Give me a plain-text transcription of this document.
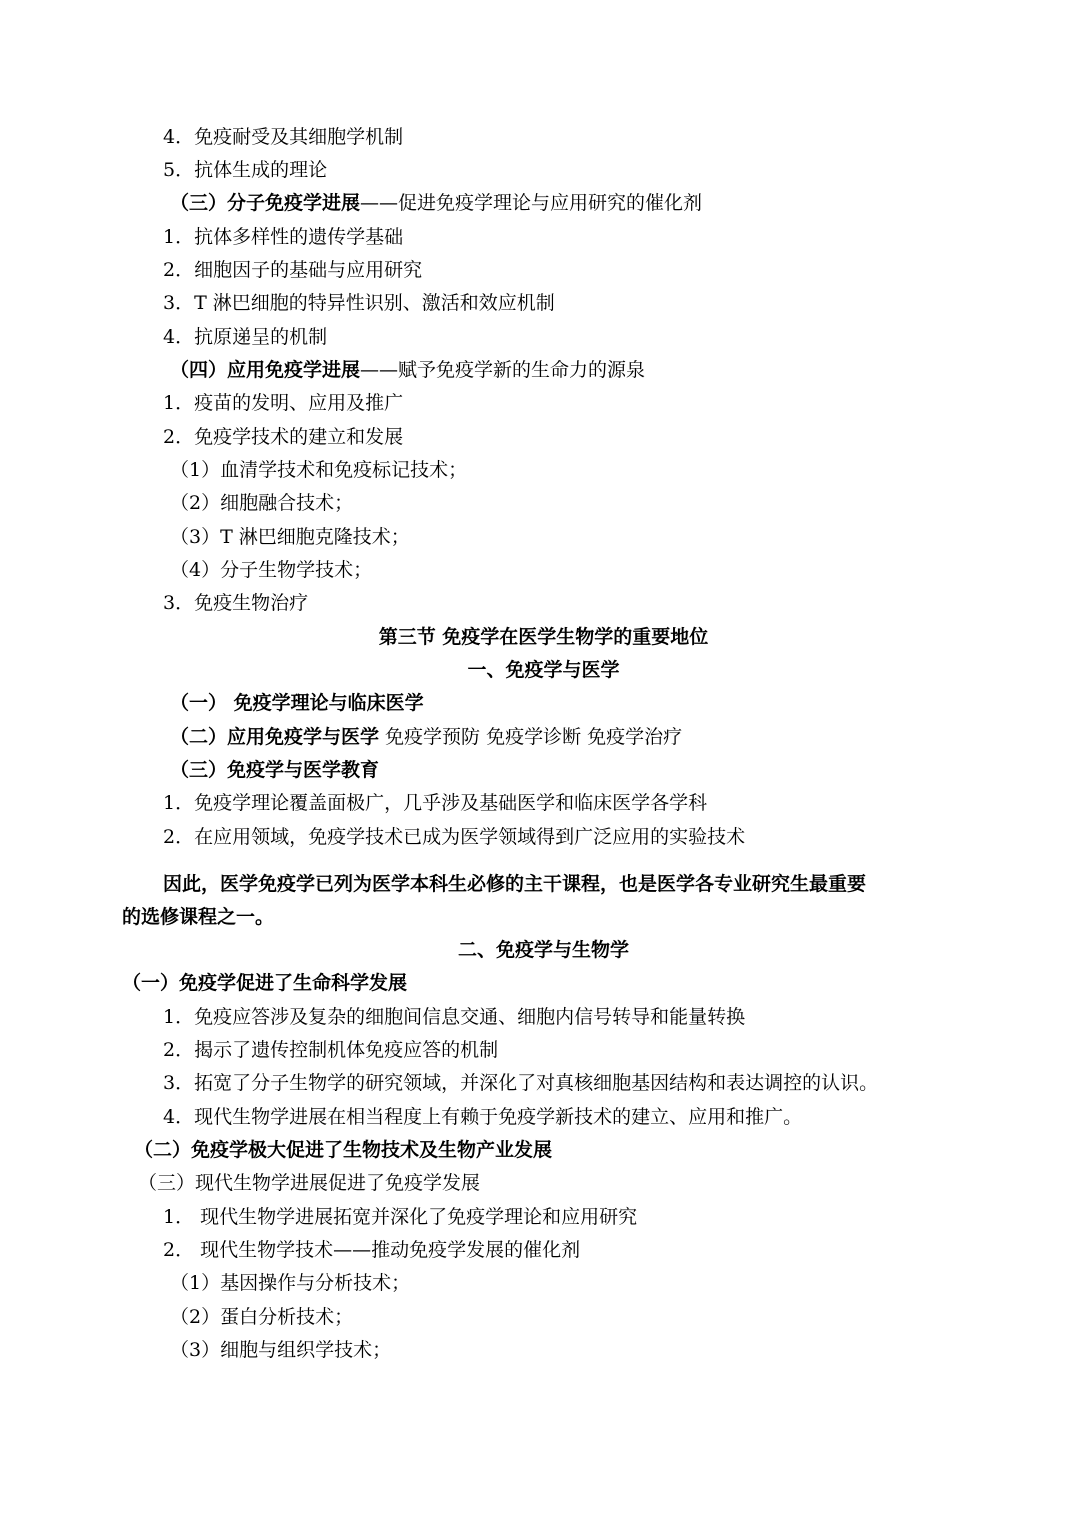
4．免疫耐受及其细胞学机制
5．抗体生成的理论
（三）分子免疫学进展——促进免疫学理论与应用研究的催化剂
1．抗体多样性的遗传学基础
2．细胞因子的基础与应用研究
3．T 淋巴细胞的特异性识别、激活和效应机制
4．抗原递呈的机制
（四）应用免疫学进展——赋予免疫学新的生命力的源泉
1．疫苗的发明、应用及推广
2．免疫学技术的建立和发展
（1）血清学技术和免疫标记技术；
（2）细胞融合技术；
（3）T 淋巴细胞克隆技术；
（4）分子生物学技术；
3．免疫生物治疗
第三节 免疫学在医学生物学的重要地位
一、免疫学与医学
（一） 免疫学理论与临床医学
（二）应用免疫学与医学 免疫学预防 免疫学诊断 免疫学治疗
（三）免疫学与医学教育
1．免疫学理论覆盖面极广，几乎涉及基础医学和临床医学各学科
2．在应用领域，免疫学技术已成为医学领域得到广泛应用的实验技术
因此，医学免疫学已列为医学本科生必修的主干课程，也是医学各专业研究生最重要
的选修课程之一。
二、免疫学与生物学
（一）免疫学促进了生命科学发展
1．免疫应答涉及复杂的细胞间信息交通、细胞内信号转导和能量转换
2．揭示了遗传控制机体免疫应答的机制
3．拓宽了分子生物学的研究领域，并深化了对真核细胞基因结构和表达调控的认识。
4．现代生物学进展在相当程度上有赖于免疫学新技术的建立、应用和推广。
（二）免疫学极大促进了生物技术及生物产业发展
（三）现代生物学进展促进了免疫学发展
1． 现代生物学进展拓宽并深化了免疫学理论和应用研究
2． 现代生物学技术——推动免疫学发展的催化剂
（1）基因操作与分析技术；
（2）蛋白分析技术；
（3）细胞与组织学技术；
